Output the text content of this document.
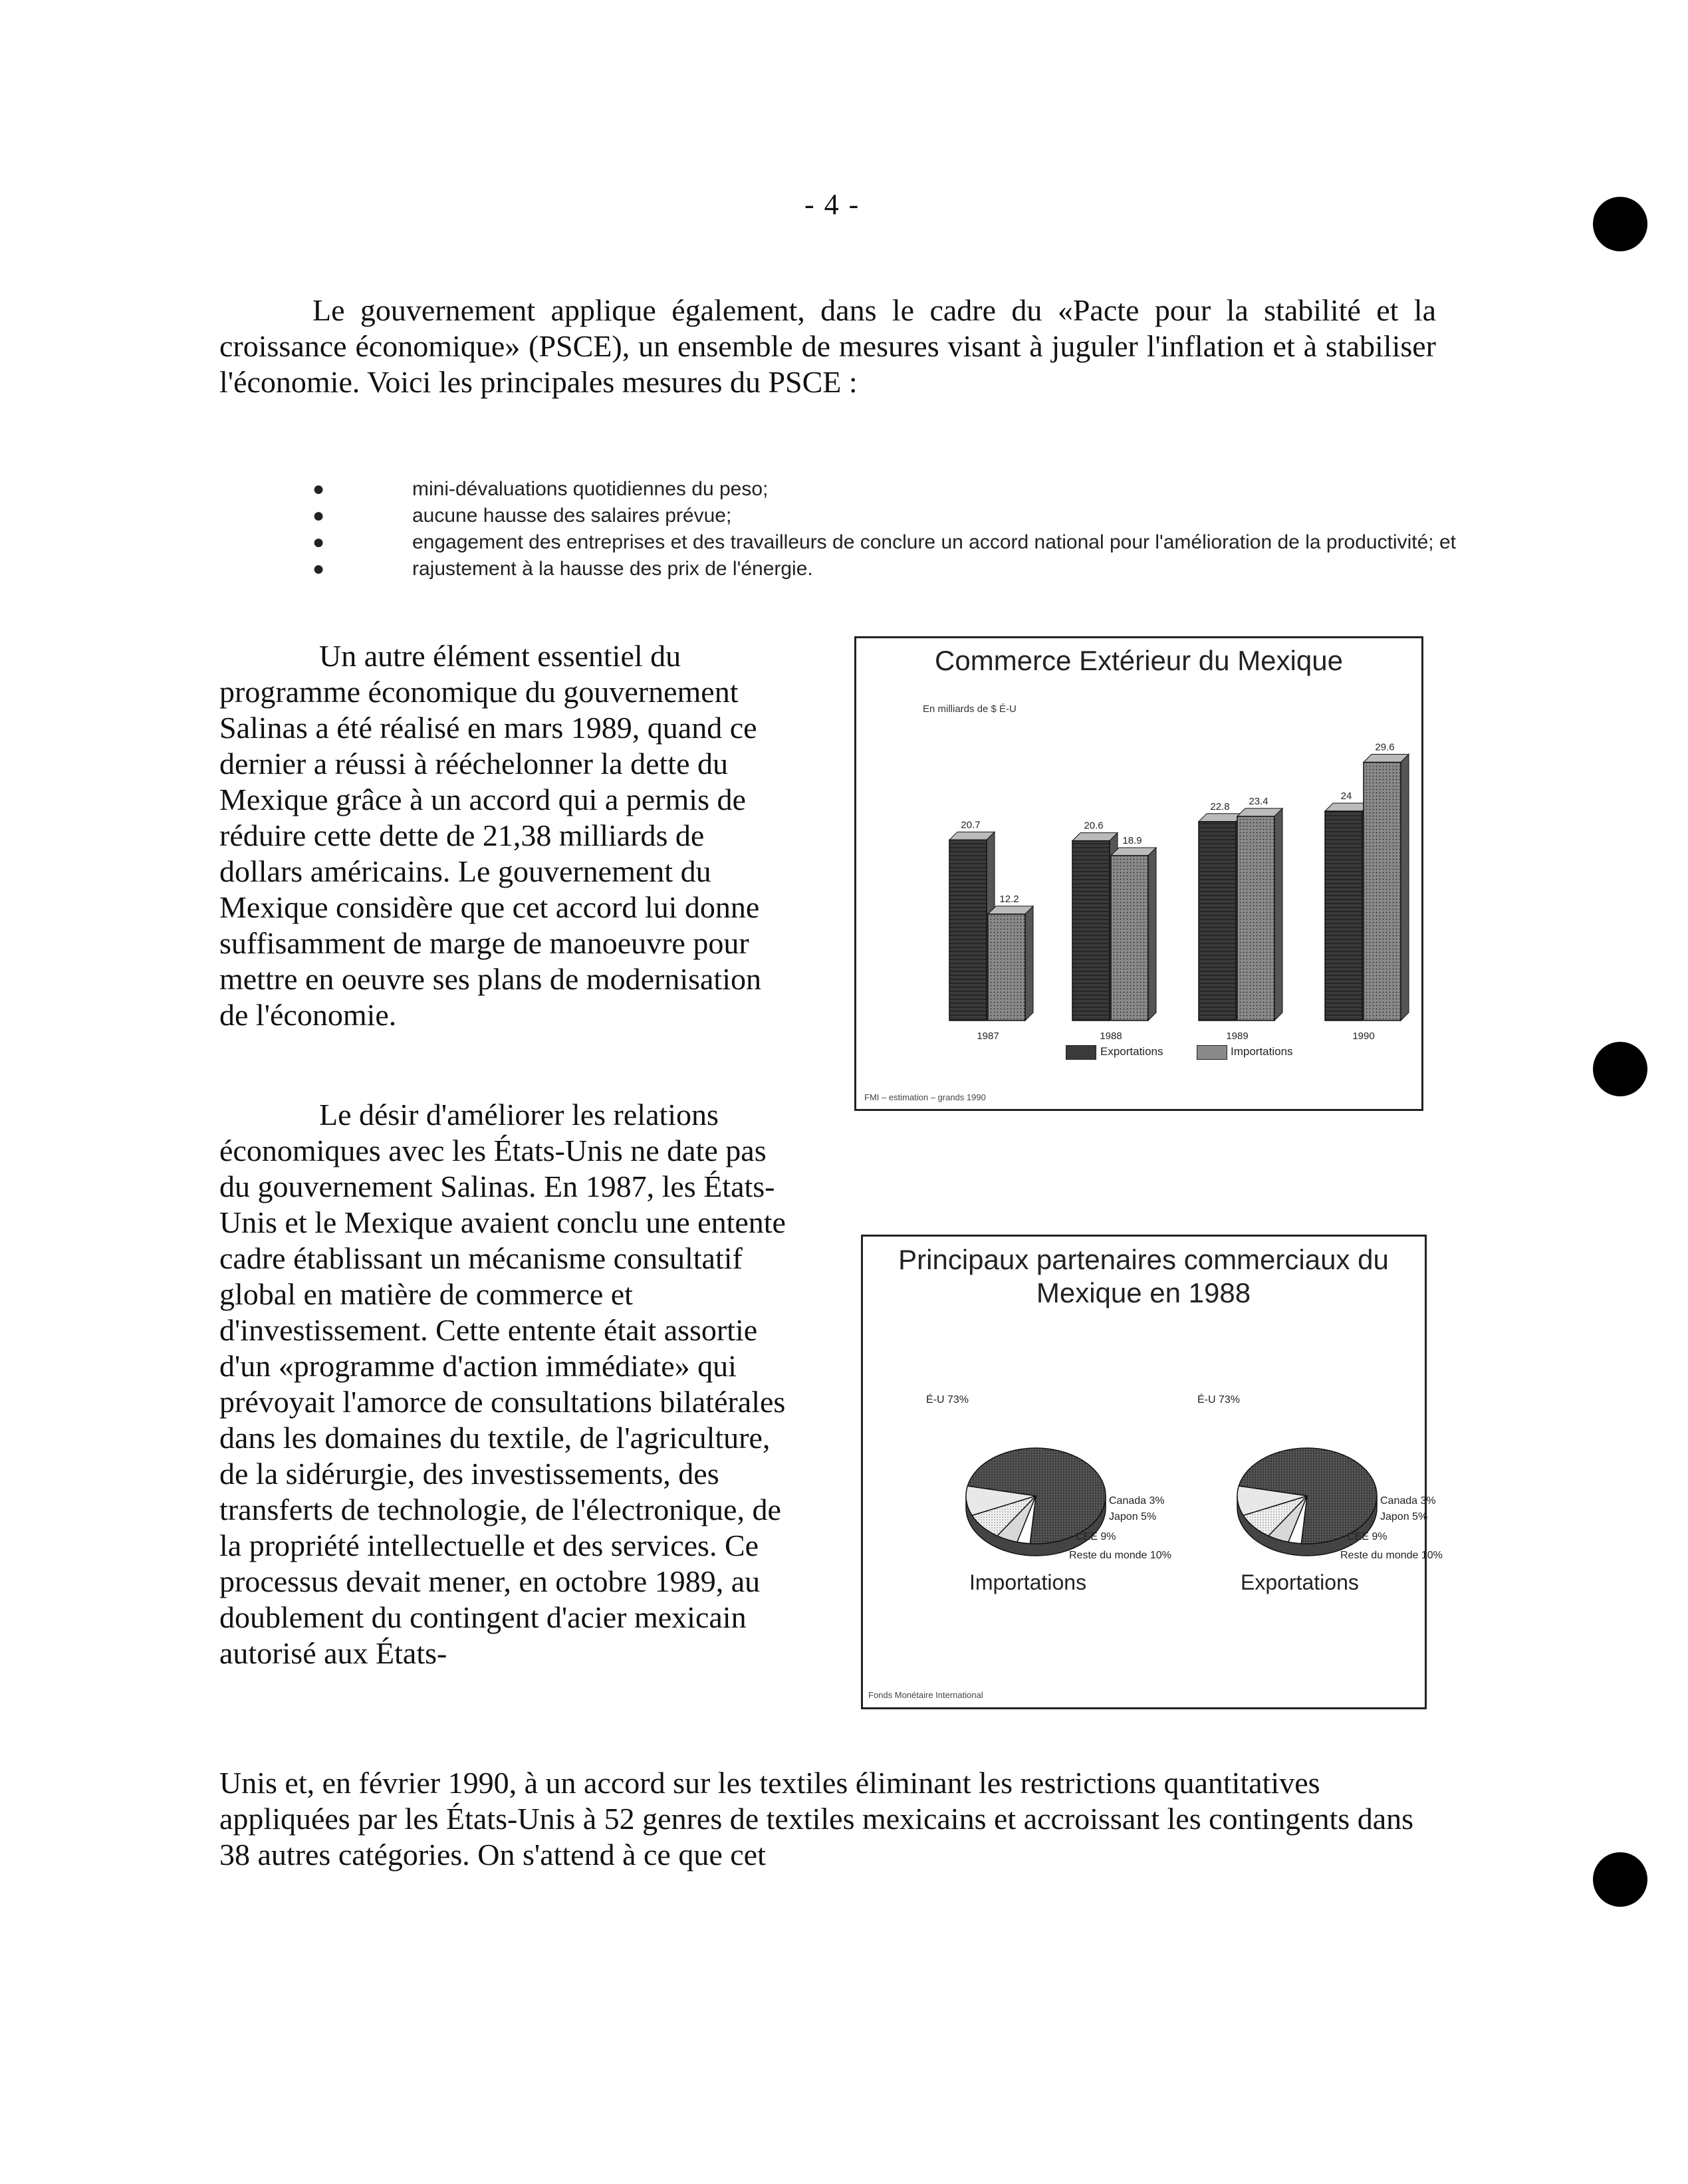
- 4 -
Le gouvernement applique également, dans le cadre du «Pacte pour la stabilité et la croissance économique» (PSCE), un ensemble de mesures visant à juguler l'inflation et à stabiliser l'économie. Voici les principales mesures du PSCE :
●	mini-dévaluations quotidiennes du peso;
●	aucune hausse des salaires prévue;
●	engagement des entreprises et des travailleurs de conclure un accord national pour l'amélioration de la productivité; et
●	rajustement à la hausse des prix de l'énergie.
Un autre élément essentiel du programme économique du gouvernement Salinas a été réalisé en mars 1989, quand ce dernier a réussi à rééchelonner la dette du Mexique grâce à un accord qui a permis de réduire cette dette de 21,38 milliards de dollars américains. Le gouvernement du Mexique considère que cet accord lui donne suffisamment de marge de manoeuvre pour mettre en oeuvre ses plans de modernisation de l'économie.
Le désir d'améliorer les relations économiques avec les États-Unis ne date pas du gouvernement Salinas. En 1987, les États-Unis et le Mexique avaient conclu une entente cadre établissant un mécanisme consultatif global en matière de commerce et d'investissement. Cette entente était assortie d'un «programme d'action immédiate» qui prévoyait l'amorce de consultations bilatérales dans les domaines du textile, de l'agriculture, de la sidérurgie, des investissements, des transferts de technologie, de l'électronique, de la propriété intellectuelle et des services. Ce processus devait mener, en octobre 1989, au doublement du contingent d'acier mexicain autorisé aux États-
Unis et, en février 1990, à un accord sur les textiles éliminant les restrictions quantitatives appliquées par les États-Unis à 52 genres de textiles mexicains et accroissant les contingents dans 38 autres catégories. On s'attend à ce que cet
Commerce Extérieur du Mexique
En milliards de $ É-U
20.7
12.2
1987
20.6
18.9
1988
22.8 23.4
1989
24
29.6
1990
Exportations	Importations
FMI – estimation – grands 1990
Principaux partenaires commerciaux du Mexique en 1988
É-U 73%
Canada 3%
Japon 5%
CEE 9%
Reste du monde 10%
É-U 73%
Canada 3%
Japon 5%
CEE 9%
Reste du monde 10%
Importations	Exportations
Fonds Monétaire International
